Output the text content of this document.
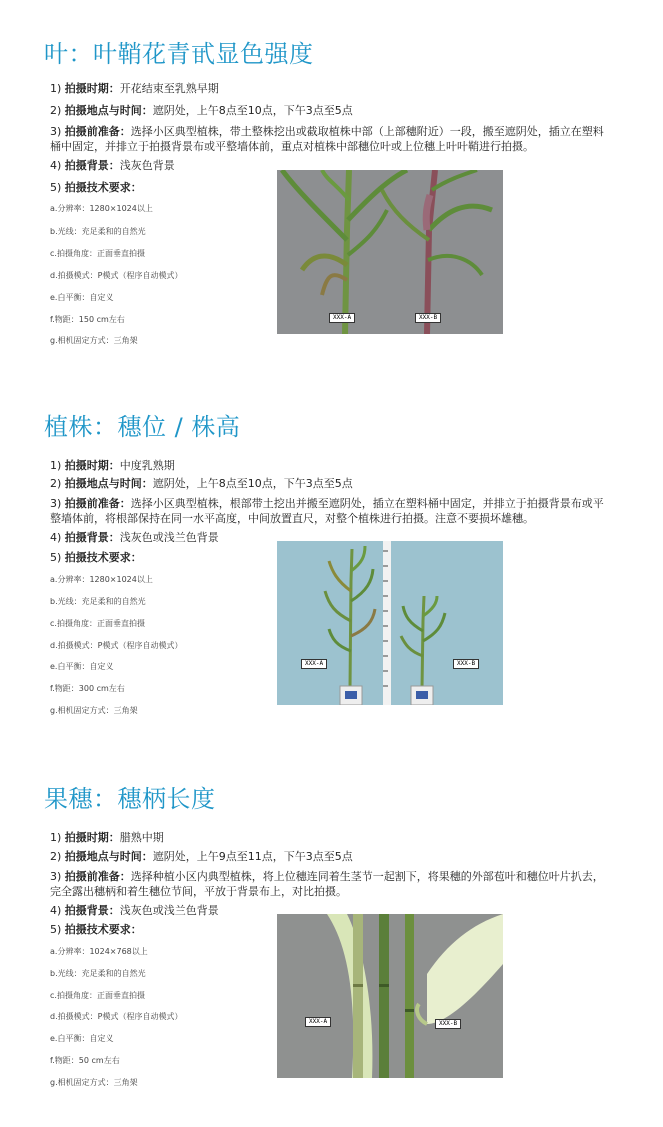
叶：叶鞘花青甙显色强度
1) 拍摄时期：开花结束至乳熟早期
2) 拍摄地点与时间：遮阴处，上午8点至10点，下午3点至5点
3) 拍摄前准备：选择小区典型植株，带土整株挖出或截取植株中部（上部穗附近）一段，搬至遮阴处，插立在塑料桶中固定，并排立于拍摄背景布或平整墙体前，重点对植株中部穗位叶或上位穗上叶叶鞘进行拍摄。
4) 拍摄背景：浅灰色背景
5) 拍摄技术要求：
a.分辨率：1280×1024以上
b.光线：充足柔和的自然光
c.拍摄角度：正面垂直拍摄
d.拍摄模式：P模式（程序自动模式）
e.白平衡：自定义
f.物距：150 cm左右
g.相机固定方式：三角架
XXX-A	XXX-B
植株：穗位 / 株高
1) 拍摄时期：中度乳熟期
2) 拍摄地点与时间：遮阴处，上午8点至10点，下午3点至5点
3) 拍摄前准备：选择小区典型植株，根部带土挖出并搬至遮阴处，插立在塑料桶中固定，并排立于拍摄背景布或平整墙体前，将根部保持在同一水平高度，中间放置直尺，对整个植株进行拍摄。注意不要损坏雄穗。
4) 拍摄背景：浅灰色或浅兰色背景
5) 拍摄技术要求：
a.分辨率：1280×1024以上
b.光线：充足柔和的自然光
c.拍摄角度：正面垂直拍摄
d.拍摄模式：P模式（程序自动模式）
e.白平衡：自定义
f.物距：300 cm左右
g.相机固定方式：三角架
XXX-A	XXX-B
果穗：穗柄长度
1) 拍摄时期：腊熟中期
2) 拍摄地点与时间：遮阴处，上午9点至11点，下午3点至5点
3) 拍摄前准备：选择种植小区内典型植株，将上位穗连同着生茎节一起割下，将果穗的外部苞叶和穗位叶片扒去，完全露出穗柄和着生穗位节间，平放于背景布上，对比拍摄。
4) 拍摄背景：浅灰色或浅兰色背景
5) 拍摄技术要求：
a.分辨率：1024×768以上
b.光线：充足柔和的自然光
c.拍摄角度：正面垂直拍摄
d.拍摄模式：P模式（程序自动模式）
e.白平衡：自定义
f.物距：50 cm左右
g.相机固定方式：三角架
XXX-A	XXX-B
